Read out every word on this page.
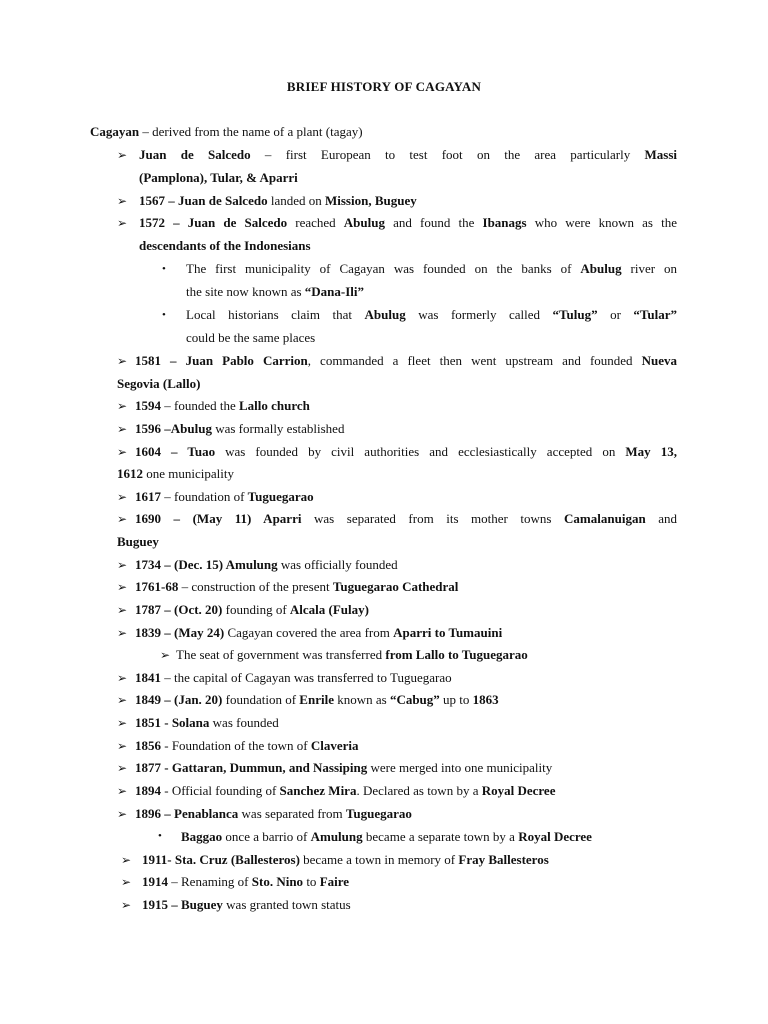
BRIEF HISTORY OF CAGAYAN
Cagayan – derived from the name of a plant (tagay)
➢ Juan de Salcedo – first European to test foot on the area particularly Massi
(Pamplona), Tular, & Aparri
➢ 1567 – Juan de Salcedo landed on Mission, Buguey
➢ 1572 – Juan de Salcedo reached Abulug and found the Ibanags who were known as the
descendants of the Indonesians
• The first municipality of Cagayan was founded on the banks of Abulug river on
the site now known as “Dana-Ili”
• Local historians claim that Abulug was formerly called “Tulug” or “Tular”
could be the same places
➢ 1581 – Juan Pablo Carrion, commanded a fleet then went upstream and founded Nueva
Segovia (Lallo)
➢ 1594 – founded the Lallo church
➢ 1596 –Abulug was formally established
➢ 1604 – Tuao was founded by civil authorities and ecclesiastically accepted on May 13,
1612 one municipality
➢ 1617 – foundation of Tuguegarao
➢ 1690 – (May 11) Aparri was separated from its mother towns Camalanuigan and
Buguey
➢ 1734 – (Dec. 15) Amulung was officially founded
➢ 1761-68 – construction of the present Tuguegarao Cathedral
➢ 1787 – (Oct. 20) founding of Alcala (Fulay)
➢ 1839 – (May 24) Cagayan covered the area from Aparri to Tumauini
➢ The seat of government was transferred from Lallo to Tuguegarao
➢ 1841 – the capital of Cagayan was transferred to Tuguegarao
➢ 1849 – (Jan. 20) foundation of Enrile known as “Cabug” up to 1863
➢ 1851 - Solana was founded
➢ 1856 - Foundation of the town of Claveria
➢ 1877 - Gattaran, Dummun, and Nassiping were merged into one municipality
➢ 1894 - Official founding of Sanchez Mira. Declared as town by a Royal Decree
➢ 1896 – Penablanca was separated from Tuguegarao
• Baggao once a barrio of Amulung became a separate town by a Royal Decree
➢ 1911- Sta. Cruz (Ballesteros) became a town in memory of Fray Ballesteros
➢ 1914 – Renaming of Sto. Nino to Faire
➢ 1915 – Buguey was granted town status
